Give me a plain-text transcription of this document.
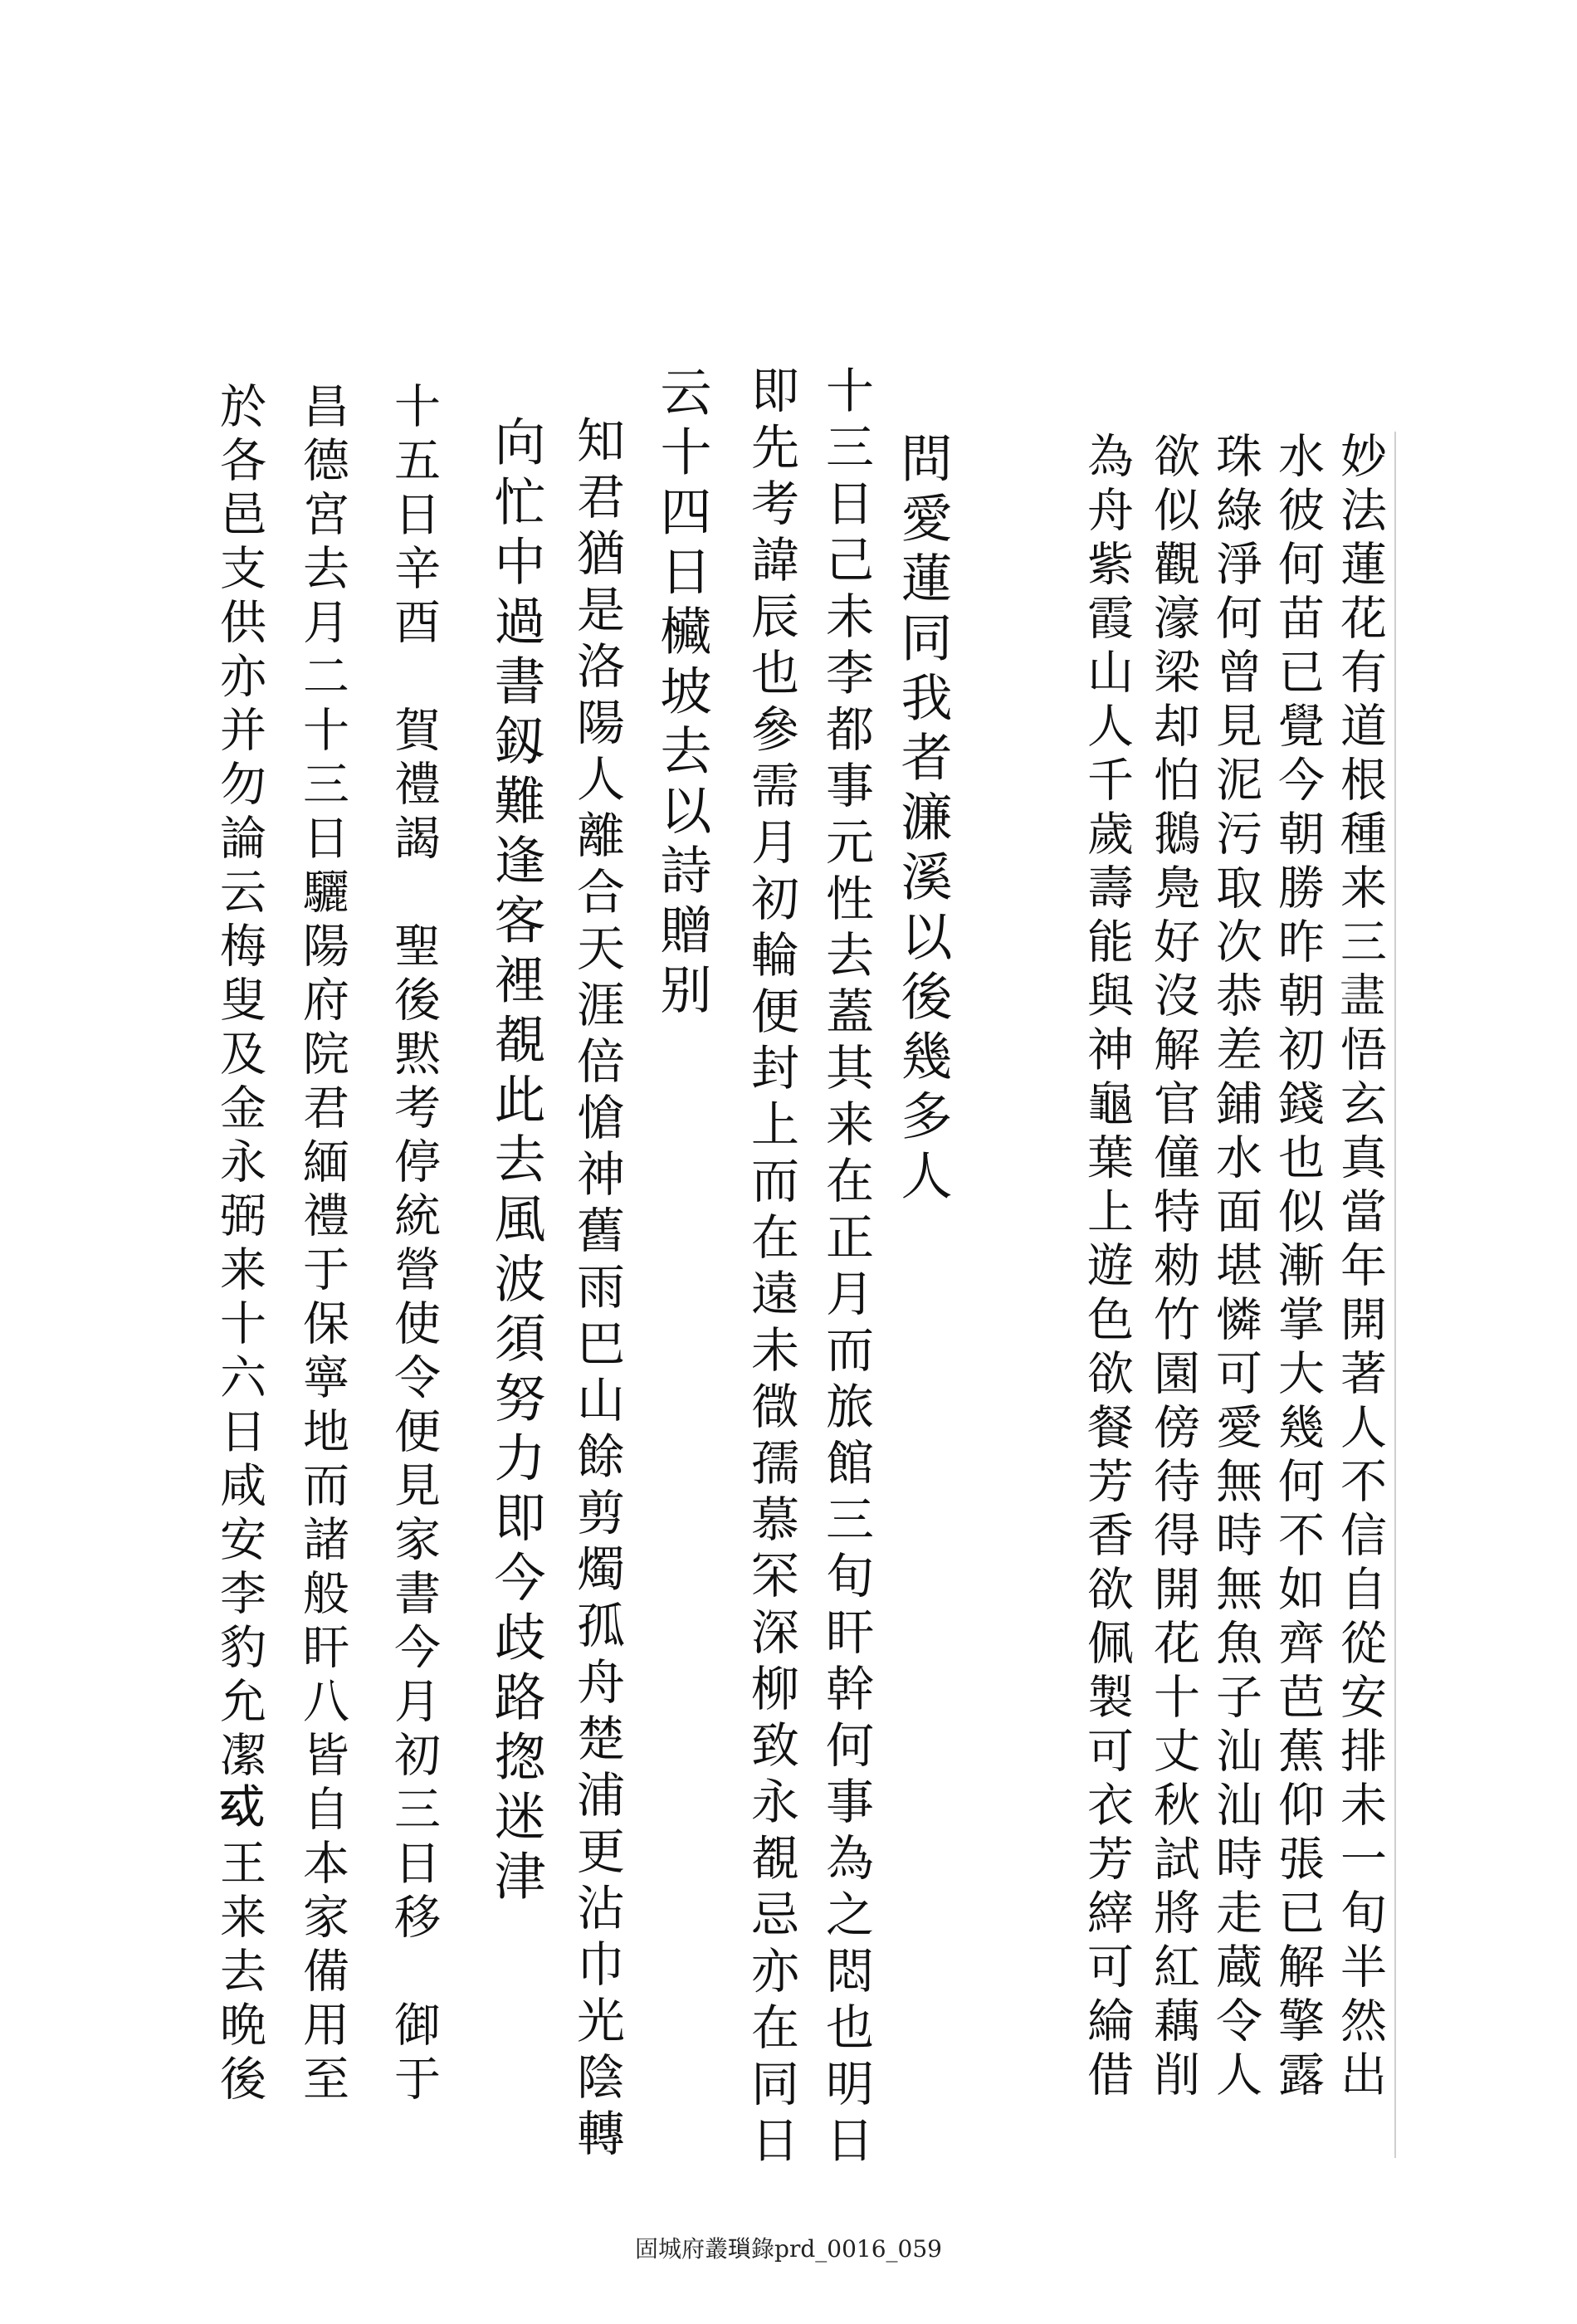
妙法蓮花有道根種来三𥁞悟玄真當年開著人不信自從安排未一旬半然出
水彼何苗已覺今朝勝昨朝初錢也似漸掌大幾何不如齊芭蕉仰張已解擎露
珠綠淨何曾見泥污取次恭差鋪水面堪憐可愛無時無魚子汕汕時走蔵令人
欲似觀濠梁却怕鵝鳧好沒解官僮特勑竹園傍待得開花十丈秋試將紅藕削
為舟紫霞山人千歲壽能與神龜葉上遊色欲餐芳香欲佩製可衣芳縡可綸借
問愛蓮同我者濂溪以後幾多人
十三日己未李都事元性去蓋其来在正月而旅館三旬盰幹何事為之悶也明日
即先考諱辰也參需月初輪便封上而在遠未㣲孺慕罙深柳致永覩忌亦在同日
云十四日欌坡去以詩贈别
知君猶是洛陽人離合天涯倍愴神舊雨巴山餘剪燭孤舟楚浦更沾巾光陰轉
向忙中過書釼難逢客裡覩此去風波須努力即今歧路揔迷津
十五日辛酉　賀禮謁　聖後黙考停統營使令便見家書今月初三日移　御于
昌德宮去月二十三日驪陽府院君緬禮于保寧地而諸般盰八皆自本家備用至
於各邑支供亦并勿論云梅叟及金永弼来十六日咸安李豹允㓗𢦙王来去晩後
固城府叢𤨏錄prd_0016_059
